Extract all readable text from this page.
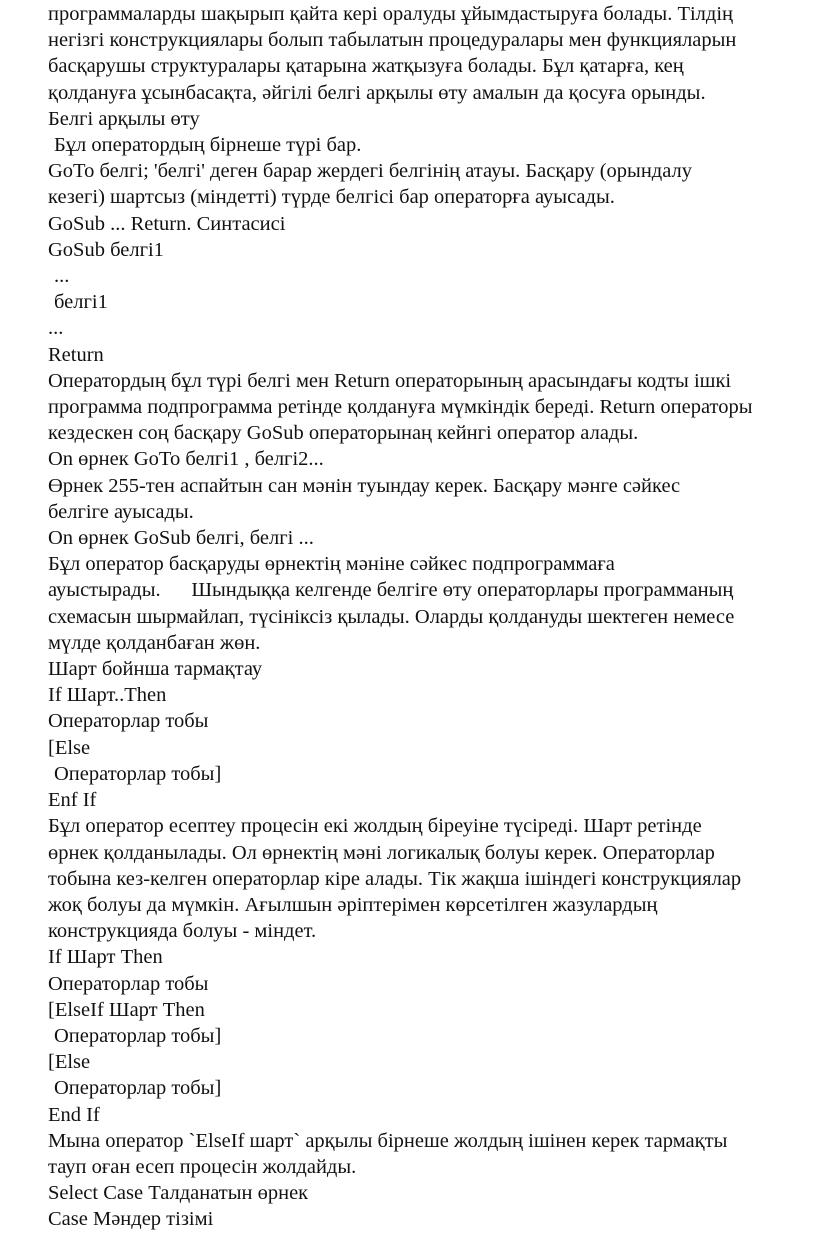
программаларды шақырып қайта кері оралуды ұйымдастыруға болады. Тілдің
негізгі конструкциялары болып табылатын процедуралары мен функцияларын
басқарушы структуралары қатарына жатқызуға болады. Бұл қатарға, кең
қолдануға ұсынбасақта, әйгілі белгі арқылы өту амалын да қосуға орынды.

Белгі арқылы өту

Бұл оператордың бірнеше түрі бар.

GoTo белгі; 'белгі' деген барар жердегі белгінің атауы. Басқару (орындалу
кезегі) шартсыз (міндетті) түрде белгісі бар операторға ауысады.

GoSub ... Return. Синтасисі

GoSub белгі1

...

белгі1

...

Return

Оператордың бұл түрі белгі мен Return операторының арасындағы кодты ішкі
программа подпрограмма ретінде қолдануға мүмкіндік береді. Return операторы
кездескен соң басқару GoSub операторынаң кейнгі оператор алады.

On өрнек GoTo белгі1 , белгі2...

Өрнек 255-тен аспайтын сан мәнін туындау керек. Басқару мәнге сәйкес
белгіге ауысады.

On өрнек GoSub белгі, белгі ...

Бұл оператор басқаруды өрнектің мәніне сәйкес подпрограммаға
ауыстырады.      Шындыққа келгенде белгіге өту операторлары программаның
схемасын шырмайлап, түсініксіз қылады. Оларды қолдануды шектеген немесе
мүлде қолданбаған жөн.

Шарт бойнша тармақтау

If Шарт..Then

Операторлар тобы

[Else

Операторлар тобы]

Enf If

Бұл оператор есептеу процесін екі жолдың біреуіне түсіреді. Шарт ретінде
өрнек қолданылады. Ол өрнектің мәні логикалық болуы керек. Операторлар
тобына кез-келген операторлар кіре алады. Тік жақша ішіндегі конструкциялар
жоқ болуы да мүмкін. Ағылшын әріптерімен көрсетілген жазулардың
конструкцияда болуы - міндет.

If Шарт Then

Операторлар тобы

[ElseIf Шарт Then

Операторлар тобы]

[Else

Операторлар тобы]

End If

Мына оператор `ElseIf шарт` арқылы бірнеше жолдың ішінен керек тармақты
тауп оған есеп процесін жолдайды.

Select Case Талданатын өрнек

Case Мәндер тізімі
